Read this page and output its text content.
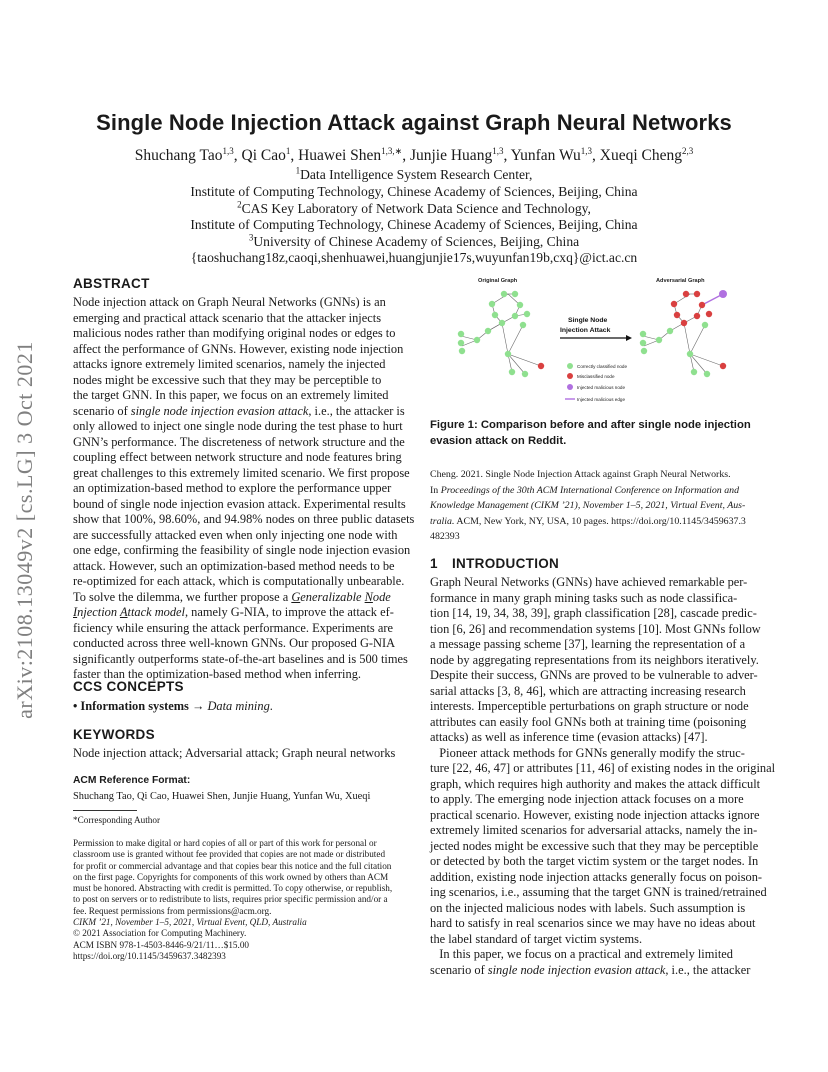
arXiv:2108.13049v2 [cs.LG] 3 Oct 2021
Single Node Injection Attack against Graph Neural Networks
Shuchang Tao$^{1,3}$, Qi Cao$^1$, Huawei Shen$^{1,3,∗}$, Junjie Huang$^{1,3}$, Yunfan Wu$^{1,3}$, Xueqi Cheng$^{2,3}$
$^1$Data Intelligence System Research Center,
Institute of Computing Technology, Chinese Academy of Sciences, Beijing, China
$^2$CAS Key Laboratory of Network Data Science and Technology,
Institute of Computing Technology, Chinese Academy of Sciences, Beijing, China
$^3$University of Chinese Academy of Sciences, Beijing, China
{taoshuchang18z,caoqi,shenhuawei,huangjunjie17s,wuyunfan19b,cxq}@ict.ac.cn
ABSTRACT
Node injection attack on Graph Neural Networks (GNNs) is an
emerging and practical attack scenario that the attacker injects
malicious nodes rather than modifying original nodes or edges to
affect the performance of GNNs. However, existing node injection
attacks ignore extremely limited scenarios, namely the injected
nodes might be excessive such that they may be perceptible to
the target GNN. In this paper, we focus on an extremely limited
scenario of single node injection evasion attack, i.e., the attacker is
only allowed to inject one single node during the test phase to hurt
GNN’s performance. The discreteness of network structure and the
coupling effect between network structure and node features bring
great challenges to this extremely limited scenario. We first propose
an optimization-based method to explore the performance upper
bound of single node injection evasion attack. Experimental results
show that 100%, 98.60%, and 94.98% nodes on three public datasets
are successfully attacked even when only injecting one node with
one edge, confirming the feasibility of single node injection evasion
attack. However, such an optimization-based method needs to be
re-optimized for each attack, which is computationally unbearable.
To solve the dilemma, we further propose a Generalizable Node
Injection Attack model, namely G-NIA, to improve the attack ef-
ficiency while ensuring the attack performance. Experiments are
conducted across three well-known GNNs. Our proposed G-NIA
significantly outperforms state-of-the-art baselines and is 500 times
faster than the optimization-based method when inferring.
CCS CONCEPTS
• Information systems → Data mining.
KEYWORDS
Node injection attack; Adversarial attack; Graph neural networks
ACM Reference Format:
Shuchang Tao, Qi Cao, Huawei Shen, Junjie Huang, Yunfan Wu, Xueqi
*Corresponding Author
Permission to make digital or hard copies of all or part of this work for personal or
classroom use is granted without fee provided that copies are not made or distributed
for profit or commercial advantage and that copies bear this notice and the full citation
on the first page. Copyrights for components of this work owned by others than ACM
must be honored. Abstracting with credit is permitted. To copy otherwise, or republish,
to post on servers or to redistribute to lists, requires prior specific permission and/or a
fee. Request permissions from permissions@acm.org.
CIKM ’21, November 1–5, 2021, Virtual Event, QLD, Australia
© 2021 Association for Computing Machinery.
ACM ISBN 978-1-4503-8446-9/21/11…$15.00
https://doi.org/10.1145/3459637.3482393
Original Graph	Adversarial Graph
Single Node
Injection Attack
Correctly classified node
Misclassified node
Injected malicious node
Injected malicious edge
Figure 1: Comparison before and after single node injection
evasion attack on Reddit.
Cheng. 2021. Single Node Injection Attack against Graph Neural Networks.
In Proceedings of the 30th ACM International Conference on Information and
Knowledge Management (CIKM ’21), November 1–5, 2021, Virtual Event, Aus-
tralia. ACM, New York, NY, USA, 10 pages. https://doi.org/10.1145/3459637.3
482393
1 INTRODUCTION
Graph Neural Networks (GNNs) have achieved remarkable per-
formance in many graph mining tasks such as node classifica-
tion [14, 19, 34, 38, 39], graph classification [28], cascade predic-
tion [6, 26] and recommendation systems [10]. Most GNNs follow
a message passing scheme [37], learning the representation of a
node by aggregating representations from its neighbors iteratively.
Despite their success, GNNs are proved to be vulnerable to adver-
sarial attacks [3, 8, 46], which are attracting increasing research
interests. Imperceptible perturbations on graph structure or node
attributes can easily fool GNNs both at training time (poisoning
attacks) as well as inference time (evasion attacks) [47].
Pioneer attack methods for GNNs generally modify the struc-
ture [22, 46, 47] or attributes [11, 46] of existing nodes in the original
graph, which requires high authority and makes the attack difficult
to apply. The emerging node injection attack focuses on a more
practical scenario. However, existing node injection attacks ignore
extremely limited scenarios for adversarial attacks, namely the in-
jected nodes might be excessive such that they may be perceptible
or detected by both the target victim system or the target nodes. In
addition, existing node injection attacks generally focus on poison-
ing scenarios, i.e., assuming that the target GNN is trained/retrained
on the injected malicious nodes with labels. Such assumption is
hard to satisfy in real scenarios since we may have no ideas about
the label standard of target victim systems.
In this paper, we focus on a practical and extremely limited
scenario of single node injection evasion attack, i.e., the attacker
